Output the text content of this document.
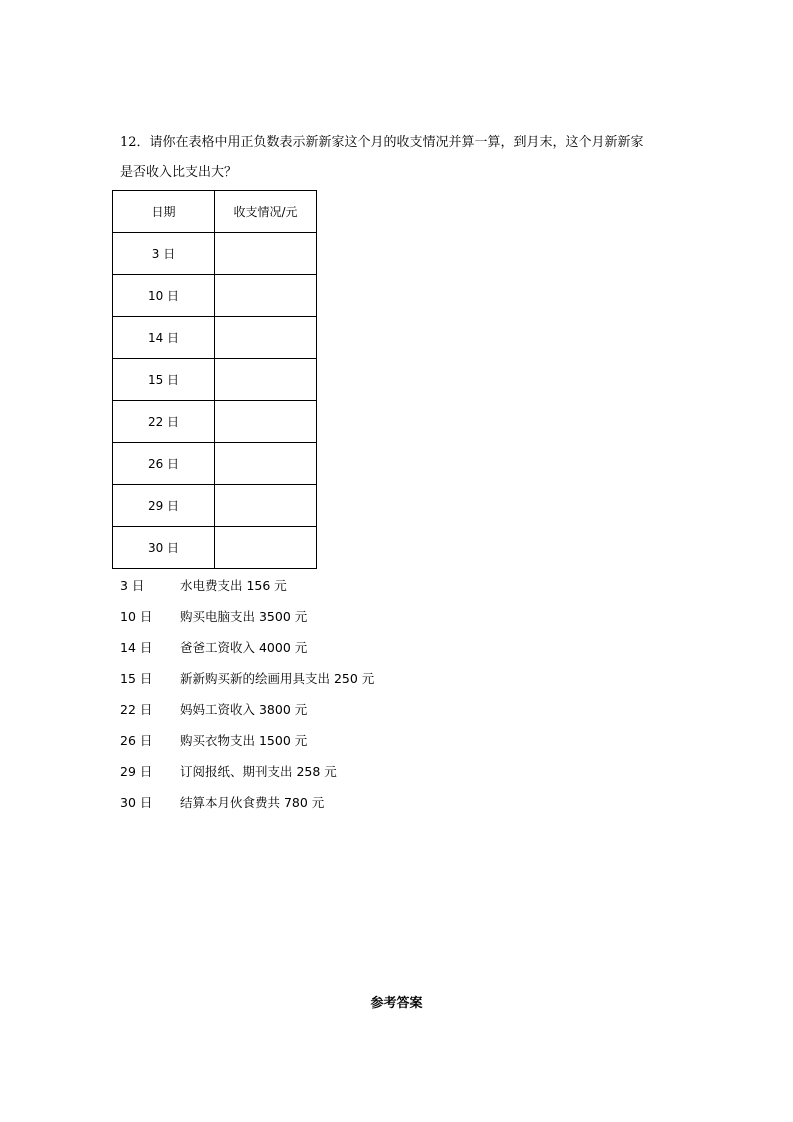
12．请你在表格中用正负数表示新新家这个月的收支情况并算一算，到月末，这个月新新家
是否收入比支出大？
日期	收支情况/元
3 日	
10 日	
14 日	
15 日	
22 日	
26 日	
29 日	
30 日	
3 日	水电费支出 156 元
10 日 购买电脑支出 3500 元
14 日 爸爸工资收入 4000 元
15 日 新新购买新的绘画用具支出 250 元
22 日 妈妈工资收入 3800 元
26 日 购买衣物支出 1500 元
29 日 订阅报纸、期刊支出 258 元
30 日 结算本月伙食费共 780 元
参考答案
